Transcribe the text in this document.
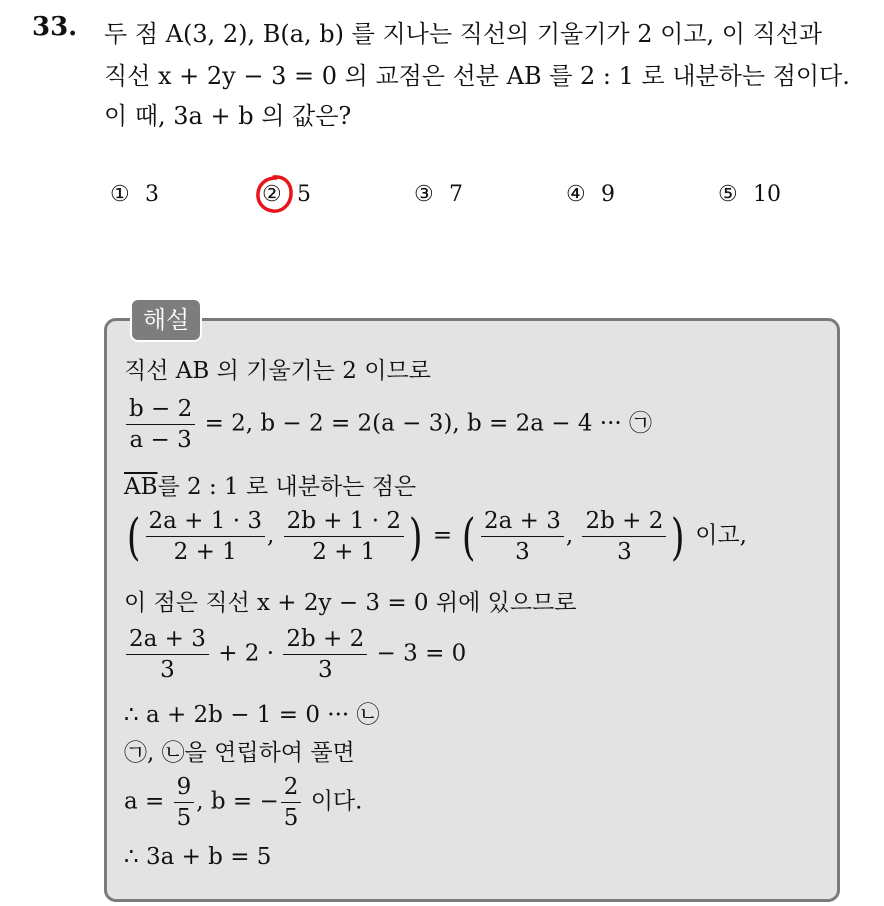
33. 두 점 A(3, 2), B(a, b) 를 지나는 직선의 기울기가 2 이고, 이 직선과
직선 x + 2y − 3 = 0 의 교점은 선분 AB 를 2 : 1 로 내분하는 점이다.
이 때, 3a + b 의 값은?
① 3	② 5	③ 7	④ 9	⑤ 10
해설
직선 AB 의 기울기는 2 이므로
$\frac{b - 2}{a - 3} = 2$, b − 2 = 2(a − 3), b = 2a − 4 ··· ㉠
$\overline{AB}$를 2 : 1 로 내분하는 점은
( $\frac{2a + 1 \cdot 3}{2 + 1}$ , $\frac{2b + 1 \cdot 2}{2 + 1}$ ) = ( $\frac{2a + 3}{3}$ , $\frac{2b + 2}{3}$ ) 이고,
이 점은 직선 x + 2y − 3 = 0 위에 있으므로
$\frac{2a + 3}{3} + 2 \cdot \frac{2b + 2}{3} - 3 = 0$
∴ a + 2b − 1 = 0 ··· ㉡
㉠, ㉡을 연립하여 풀면
$a = \frac{9}{5}$ , b = − $\frac{2}{5}$ 이다.
∴ 3a + b = 5
